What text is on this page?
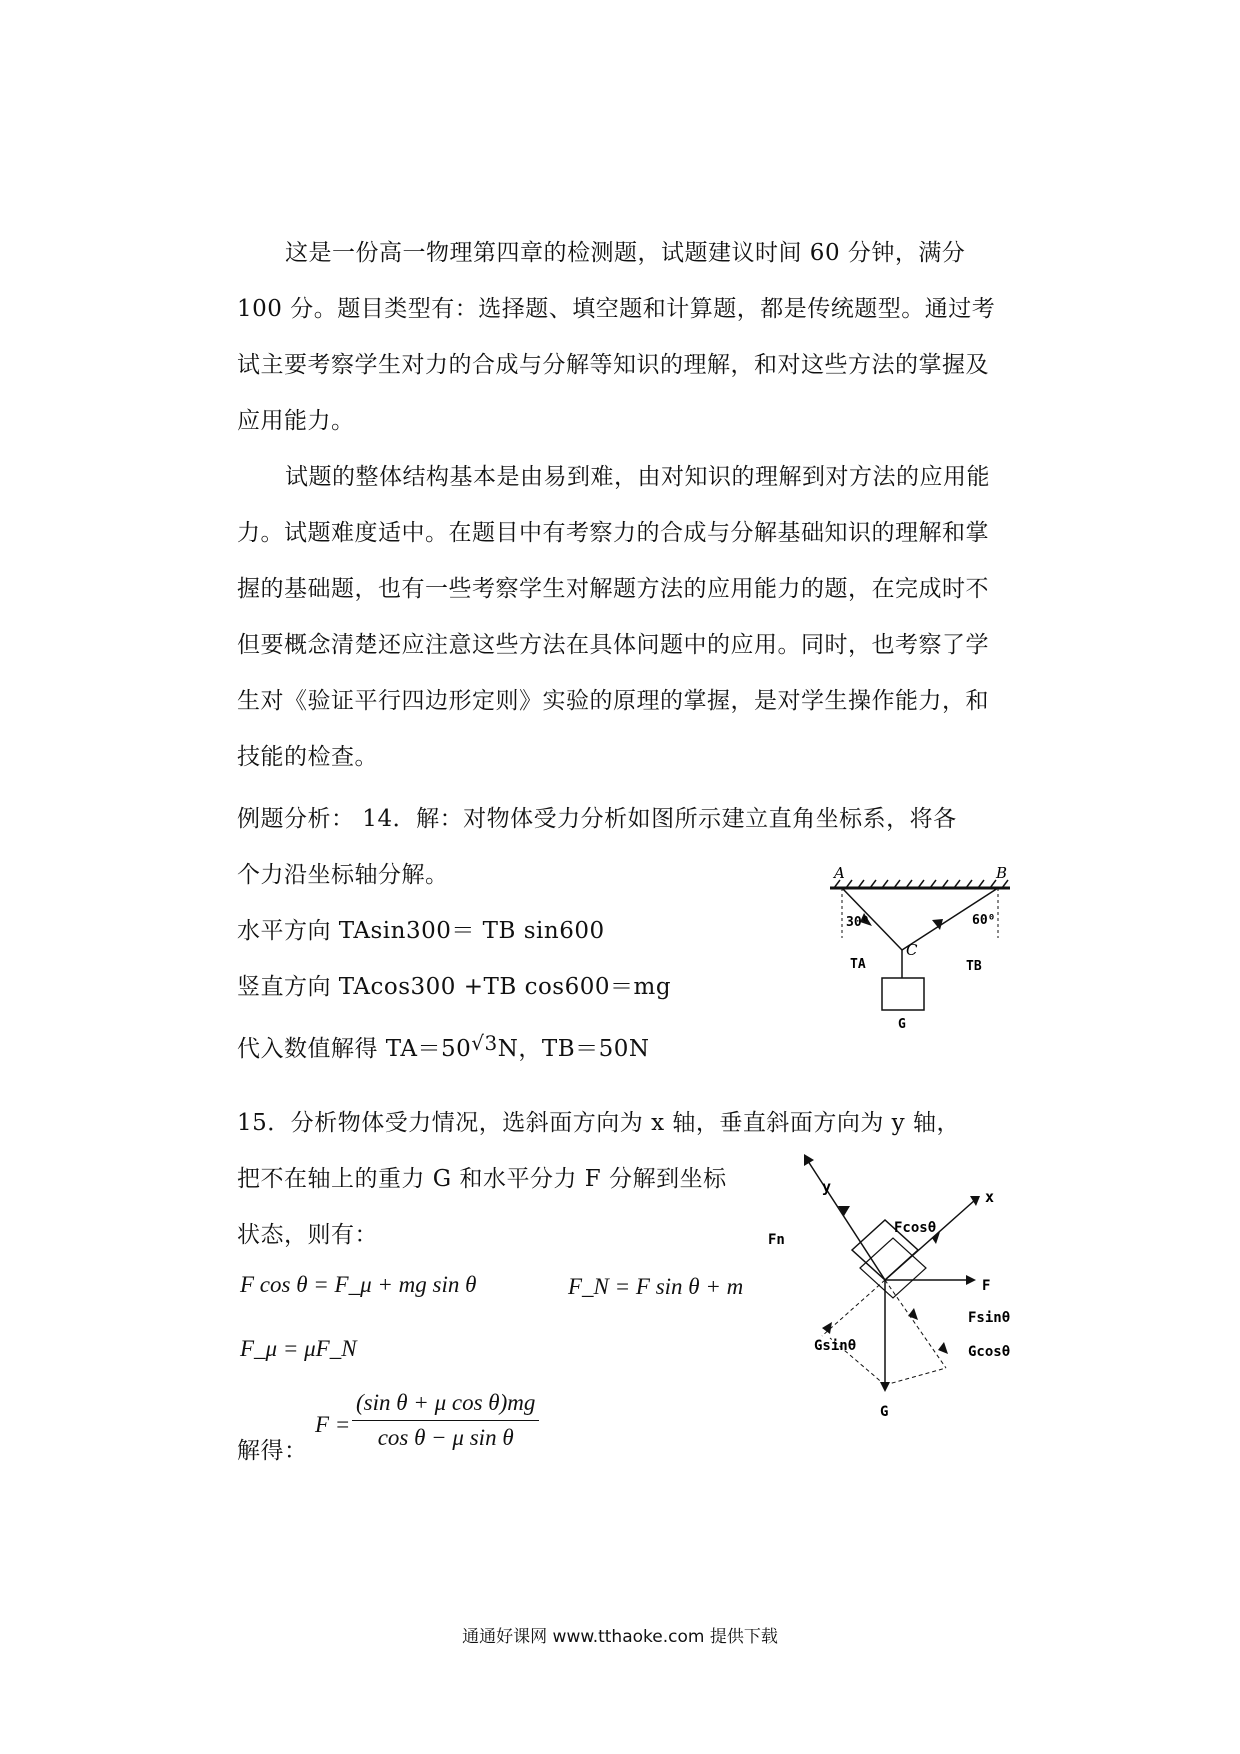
这是一份高一物理第四章的检测题，试题建议时间 60 分钟，满分 100 分。题目类型有：选择题、填空题和计算题，都是传统题型。通过考试主要考察学生对力的合成与分解等知识的理解，和对这些方法的掌握及应用能力。

试题的整体结构基本是由易到难，由对知识的理解到对方法的应用能力。试题难度适中。在题目中有考察力的合成与分解基础知识的理解和掌握的基础题，也有一些考察学生对解题方法的应用能力的题，在完成时不但要概念清楚还应注意这些方法在具体问题中的应用。同时，也考察了学生对《验证平行四边形定则》实验的原理的掌握，是对学生操作能力，和技能的检查。

例题分析： 14．解：对物体受力分析如图所示建立直角坐标系，将各
个力沿坐标轴分解。
水平方向 TAsin300＝ TB sin600
竖直方向 TAcos300 +TB cos600＝mg
代入数值解得 TA＝50√3N，TB＝50N
A	B
C
30⁰	60⁰
TA	TB
G
15．分析物体受力情况，选斜面方向为 x 轴，垂直斜面方向为 y 轴，
把不在轴上的重力 G 和水平分力 F 分解到坐标
状态，则有：
F cos θ = F_μ + mg sin θ	F_N = F sin θ + m
F_μ = μF_N
$F = \frac{\text{(sin θ + μ cos θ)mg}}{\text{cos θ − μ sin θ}}$
解得：
y
x
Fn
Fcosθ
F
Fsinθ
Gsinθ	Gcosθ
G
通通好课网 www.tthaoke.com 提供下载
